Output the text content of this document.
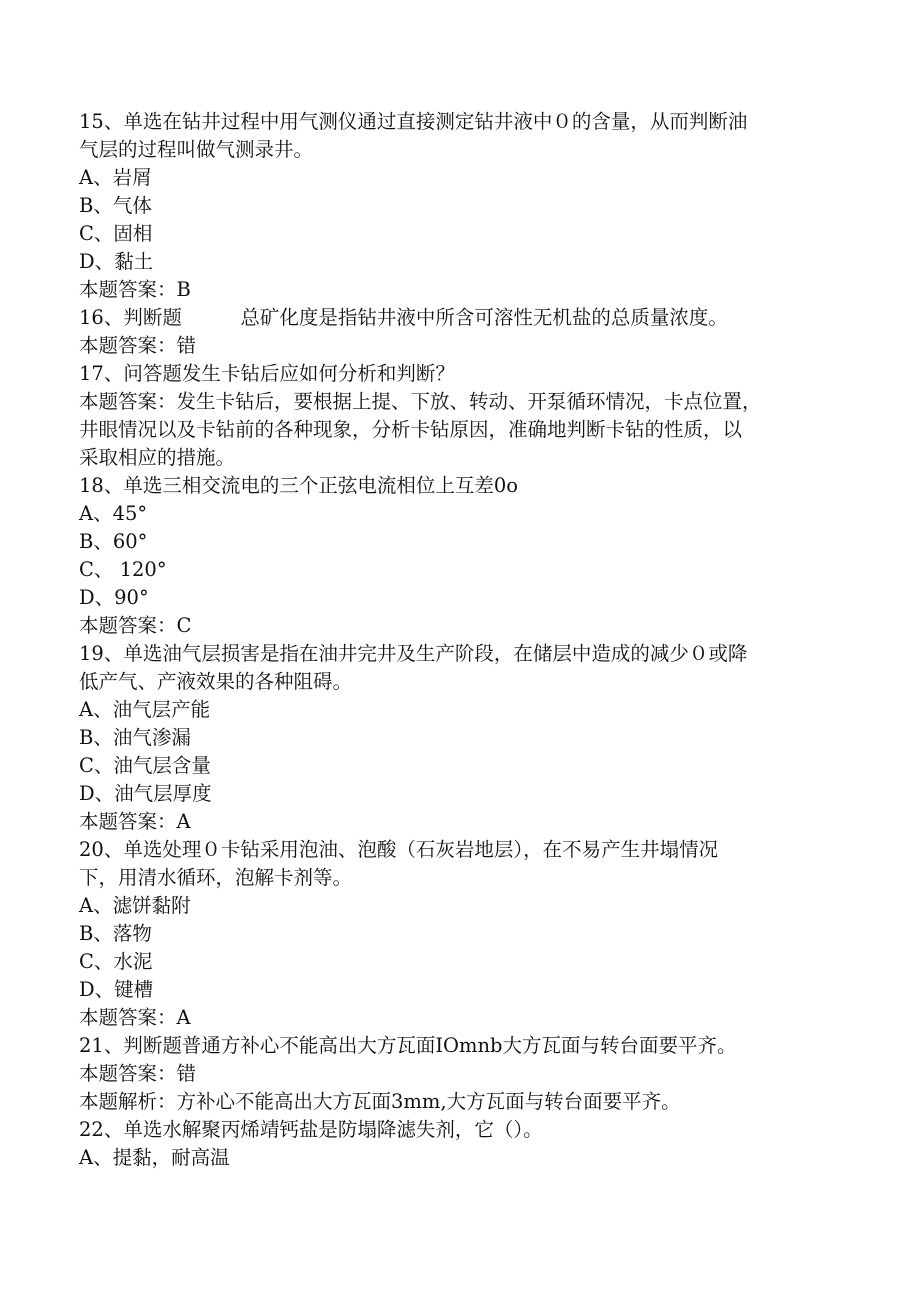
15、单选在钻井过程中用气测仪通过直接测定钻井液中０的含量，从而判断油

气层的过程叫做气测录井。

A、岩屑

B、气体

C、固相

D、黏土

本题答案：B

16、判断题　　　总矿化度是指钻井液中所含可溶性无机盐的总质量浓度。

本题答案：错

17、问答题发生卡钻后应如何分析和判断？

本题答案：发生卡钻后，要根据上提、下放、转动、开泵循环情况，卡点位置，

井眼情况以及卡钻前的各种现象，分析卡钻原因，准确地判断卡钻的性质，以

采取相应的措施。

18、单选三相交流电的三个正弦电流相位上互差0o

A、45°

B、60°

C、 120°

D、90°

本题答案：C

19、单选油气层损害是指在油井完井及生产阶段，在储层中造成的减少０或降

低产气、产液效果的各种阻碍。

A、油气层产能

B、油气渗漏

C、油气层含量

D、油气层厚度

本题答案：A

20、单选处理０卡钻采用泡油、泡酸（石灰岩地层），在不易产生井塌情况

下，用清水循环，泡解卡剂等。

A、滤饼黏附

B、落物

C、水泥

D、键槽

本题答案：A

21、判断题普通方补心不能高出大方瓦面IOmnb大方瓦面与转台面要平齐。

本题答案：错

本题解析：方补心不能高出大方瓦面3mm,大方瓦面与转台面要平齐。

22、单选水解聚丙烯靖钙盐是防塌降滤失剂，它（）。

A、提黏，耐高温
